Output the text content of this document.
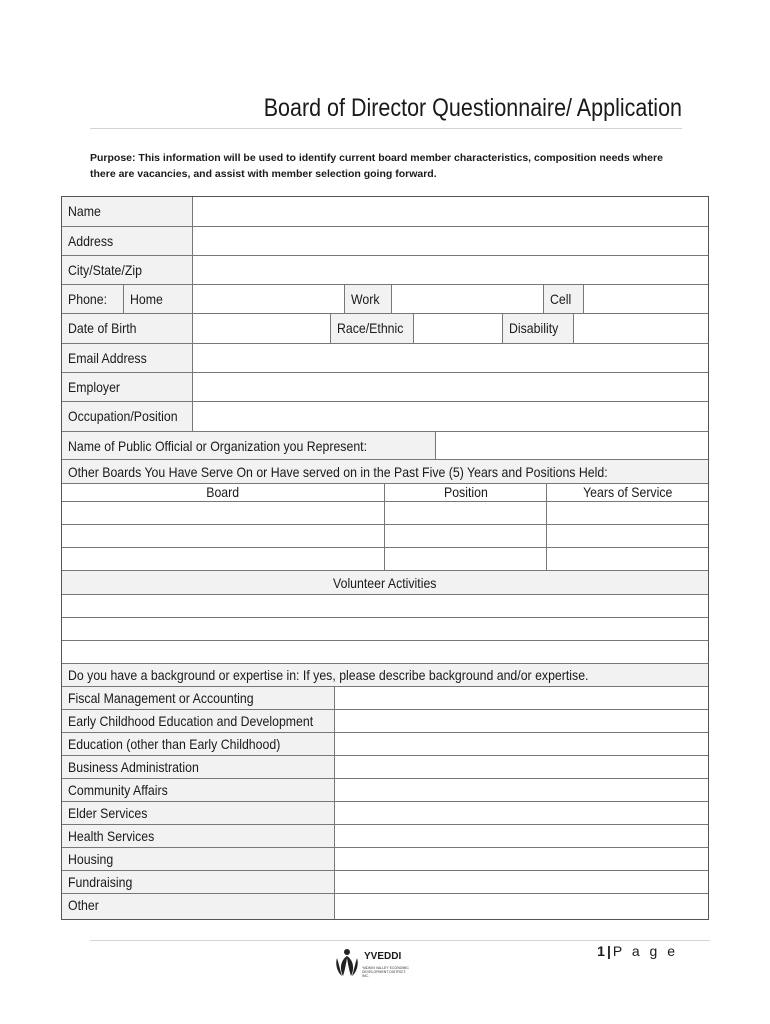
Board of Director Questionnaire/ Application
Purpose: This information will be used to identify current board member characteristics, composition needs where
there are vacancies, and assist with member selection going forward.
Name
Address
City/State/Zip
Phone:	Home	Work	Cell
Date of Birth	Race/Ethnic	Disability
Email Address
Employer
Occupation/Position
Name of Public Official or Organization you Represent:
Other Boards You Have Serve On or Have served on in the Past Five (5) Years and Positions Held:
Board	Position	Years of Service
Volunteer Activities
Do you have a background or expertise in: If yes, please describe background and/or expertise.
Fiscal Management or Accounting
Early Childhood Education and Development
Education (other than Early Childhood)
Business Administration
Community Affairs
Elder Services
Health Services
Housing
Fundraising
Other
1 | P a g e
YVEDDI
YADKIN VALLEY ECONOMIC DEVELOPMENT DISTRICT, INC.
